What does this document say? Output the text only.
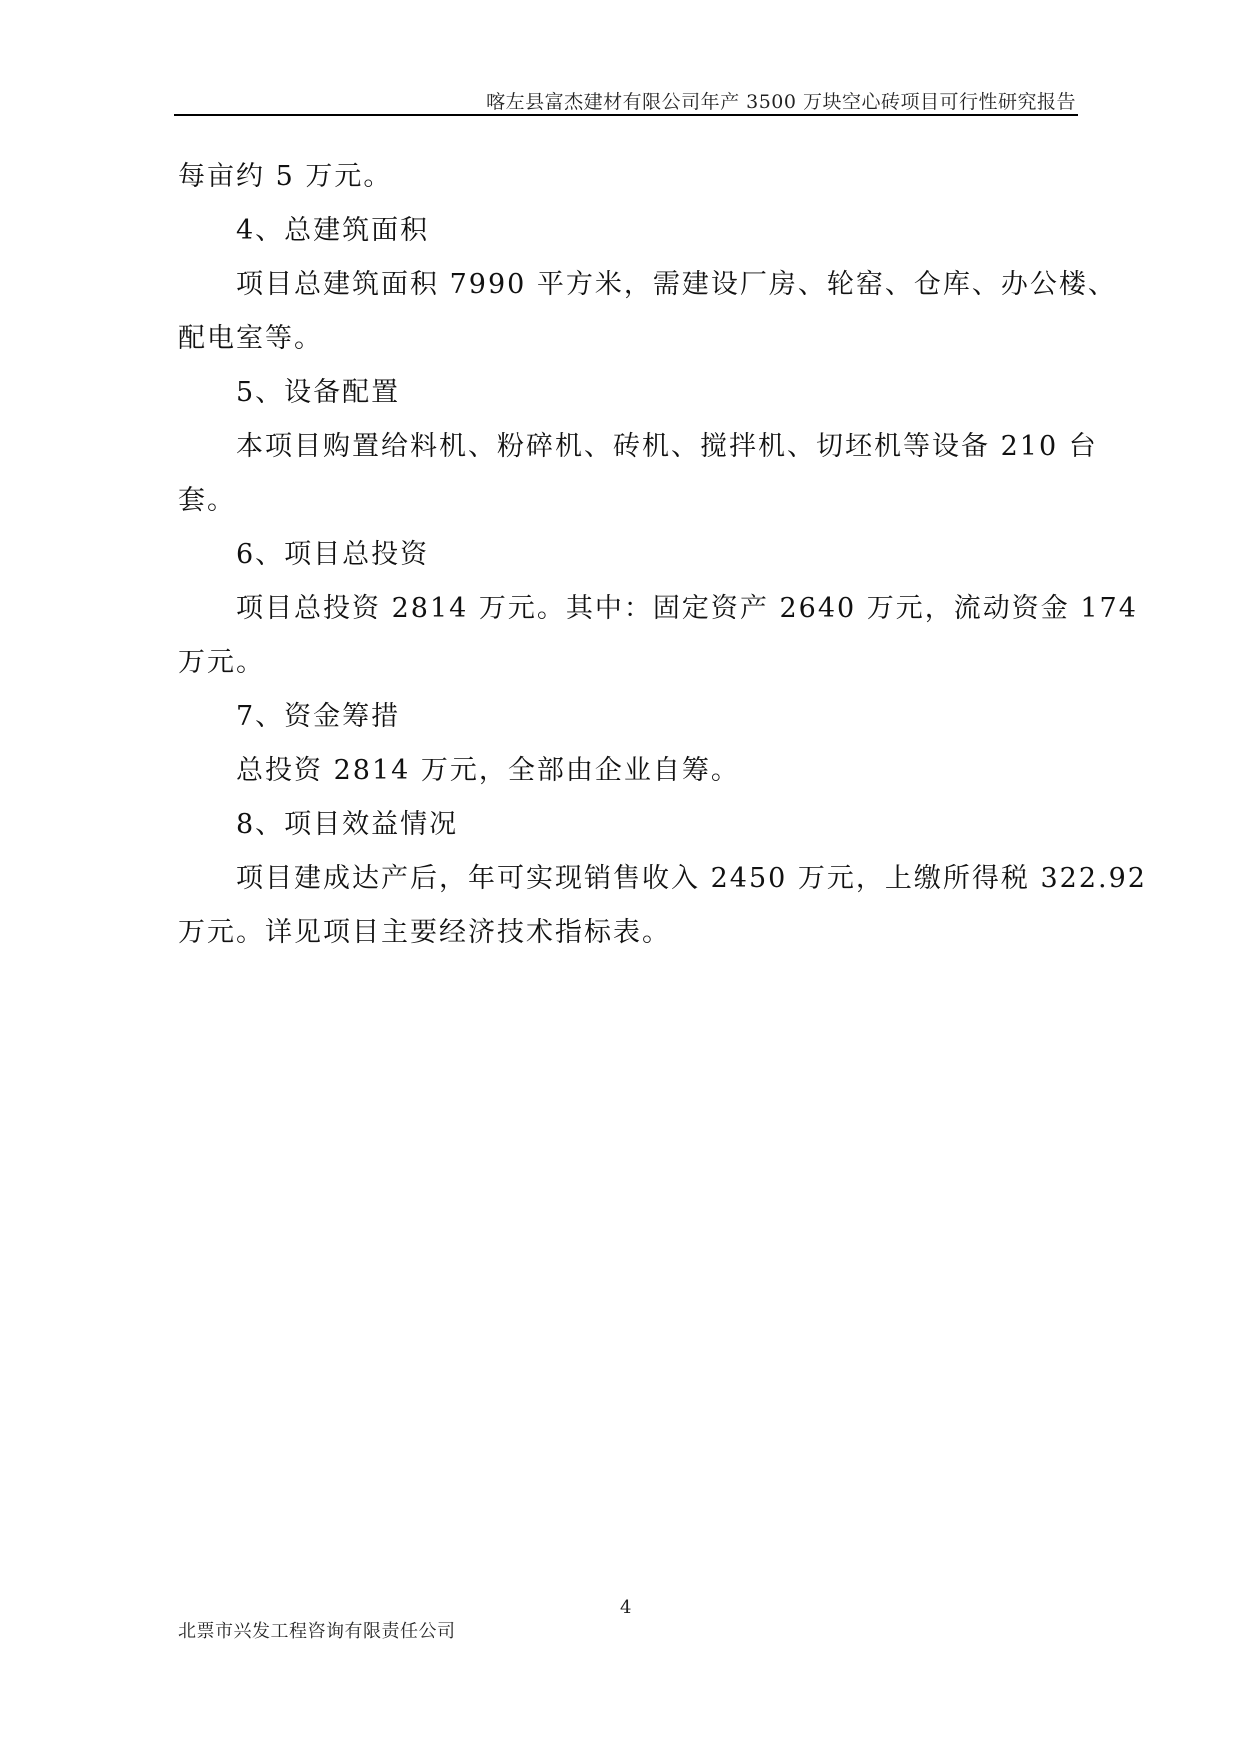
喀左县富杰建材有限公司年产 3500 万块空心砖项目可行性研究报告
每亩约 5 万元。
4、总建筑面积
项目总建筑面积 7990 平方米，需建设厂房、轮窑、仓库、办公楼、
配电室等。
5、设备配置
本项目购置给料机、粉碎机、砖机、搅拌机、切坯机等设备 210 台
套。
6、项目总投资
项目总投资 2814 万元。其中：固定资产 2640 万元，流动资金 174
万元。
7、资金筹措
总投资 2814 万元，全部由企业自筹。
8、项目效益情况
项目建成达产后，年可实现销售收入 2450 万元，上缴所得税 322.92
万元。详见项目主要经济技术指标表。
北票市兴发工程咨询有限责任公司
4
